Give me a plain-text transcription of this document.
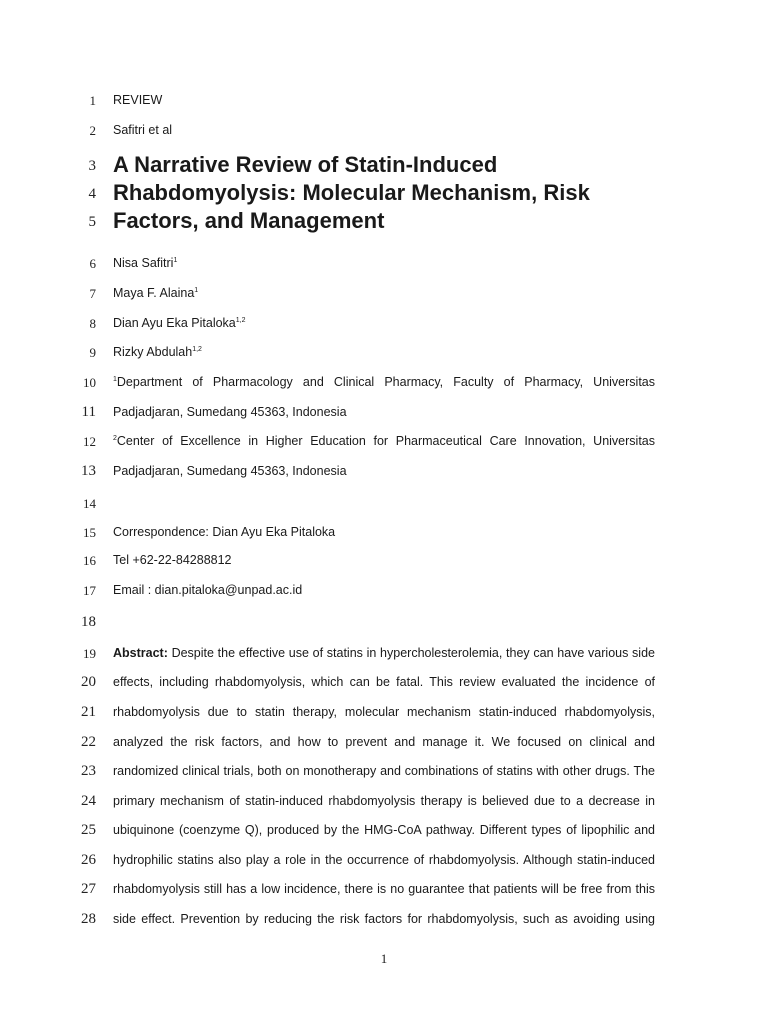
1
2
3
4
5
6
7
8
9
10
11
12
13
14
15
16
17
18
19
20
21
22
23
24
25
26
27
28
REVIEW
Safitri et al
A Narrative Review of Statin-Induced
Rhabdomyolysis: Molecular Mechanism, Risk
Factors, and Management
Nisa Safitri$^1$
Maya F. Alaina$^1$
Dian Ayu Eka Pitaloka$^{1,2}$
Rizky Abdulah$^{1,2}$
$^1$Department of Pharmacology and Clinical Pharmacy, Faculty of Pharmacy, Universitas
Padjadjaran, Sumedang 45363, Indonesia
$^2$Center of Excellence in Higher Education for Pharmaceutical Care Innovation, Universitas
Padjadjaran, Sumedang 45363, Indonesia
Correspondence: Dian Ayu Eka Pitaloka
Tel +62-22-84288812
Email : dian.pitaloka@unpad.ac.id
Abstract: Despite the effective use of statins in hypercholesterolemia, they can have various side
effects, including rhabdomyolysis, which can be fatal. This review evaluated the incidence of
rhabdomyolysis due to statin therapy, molecular mechanism statin-induced rhabdomyolysis,
analyzed the risk factors, and how to prevent and manage it. We focused on clinical and
randomized clinical trials, both on monotherapy and combinations of statins with other drugs. The
primary mechanism of statin-induced rhabdomyolysis therapy is believed due to a decrease in
ubiquinone (coenzyme Q), produced by the HMG-CoA pathway. Different types of lipophilic and
hydrophilic statins also play a role in the occurrence of rhabdomyolysis. Although statin-induced
rhabdomyolysis still has a low incidence, there is no guarantee that patients will be free from this
side effect. Prevention by reducing the risk factors for rhabdomyolysis, such as avoiding using
1
